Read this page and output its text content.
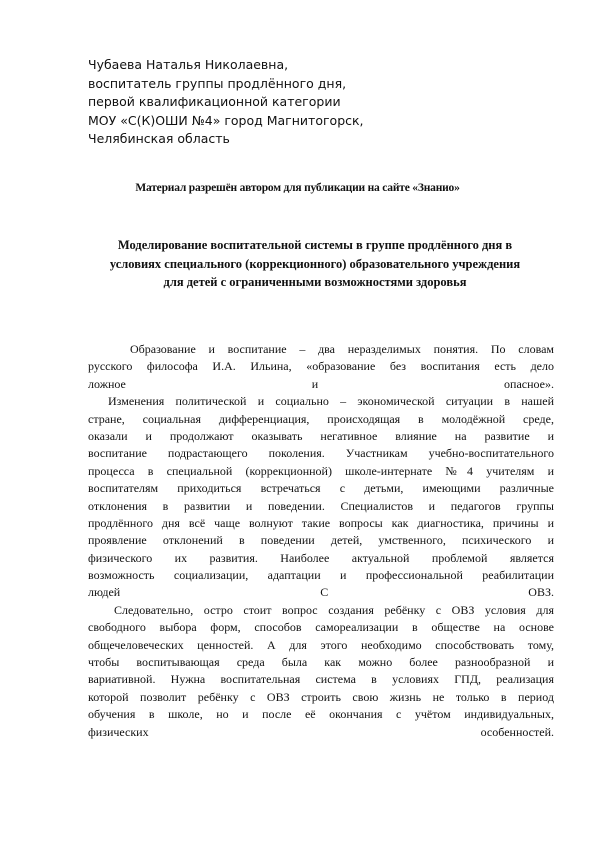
Чубаева Наталья Николаевна,
воспитатель группы продлённого дня,
первой квалификационной категории
МОУ «С(К)ОШИ №4» город Магнитогорск,
Челябинская область
Материал разрешён автором для публикации на сайте «Знанио»
Моделирование воспитательной системы в группе продлённого дня в
условиях специального (коррекционного) образовательного учреждения
для детей с ограниченными возможностями здоровья
Образование и воспитание – два неразделимых понятия. По словам
русского философа И.А. Ильина, «образование без воспитания есть дело
ложное и опасное».
Изменения политической и социально – экономической ситуации в нашей
стране, социальная дифференциация, происходящая в молодёжной среде,
оказали и продолжают оказывать негативное влияние на развитие и
воспитание подрастающего поколения. Участникам учебно-воспитательного
процесса в специальной (коррекционной) школе-интернате №4 учителям и
воспитателям приходиться встречаться с детьми, имеющими различные
отклонения в развитии и поведении. Специалистов и педагогов группы
продлённого дня всё чаще волнуют такие вопросы как диагностика, причины и
проявление отклонений в поведении детей, умственного, психического и
физического их развития. Наиболее актуальной проблемой является
возможность социализации, адаптации и профессиональной реабилитации
людей С ОВЗ.
Следовательно, остро стоит вопрос создания ребёнку с ОВЗ условия для
свободного выбора форм, способов самореализации в обществе на основе
общечеловеческих ценностей. А для этого необходимо способствовать тому,
чтобы воспитывающая среда была как можно более разнообразной и
вариативной. Нужна воспитательная система в условиях ГПД, реализация
которой позволит ребёнку с ОВЗ строить свою жизнь не только в период
обучения в школе, но и после её окончания с учётом индивидуальных,
физических особенностей.
